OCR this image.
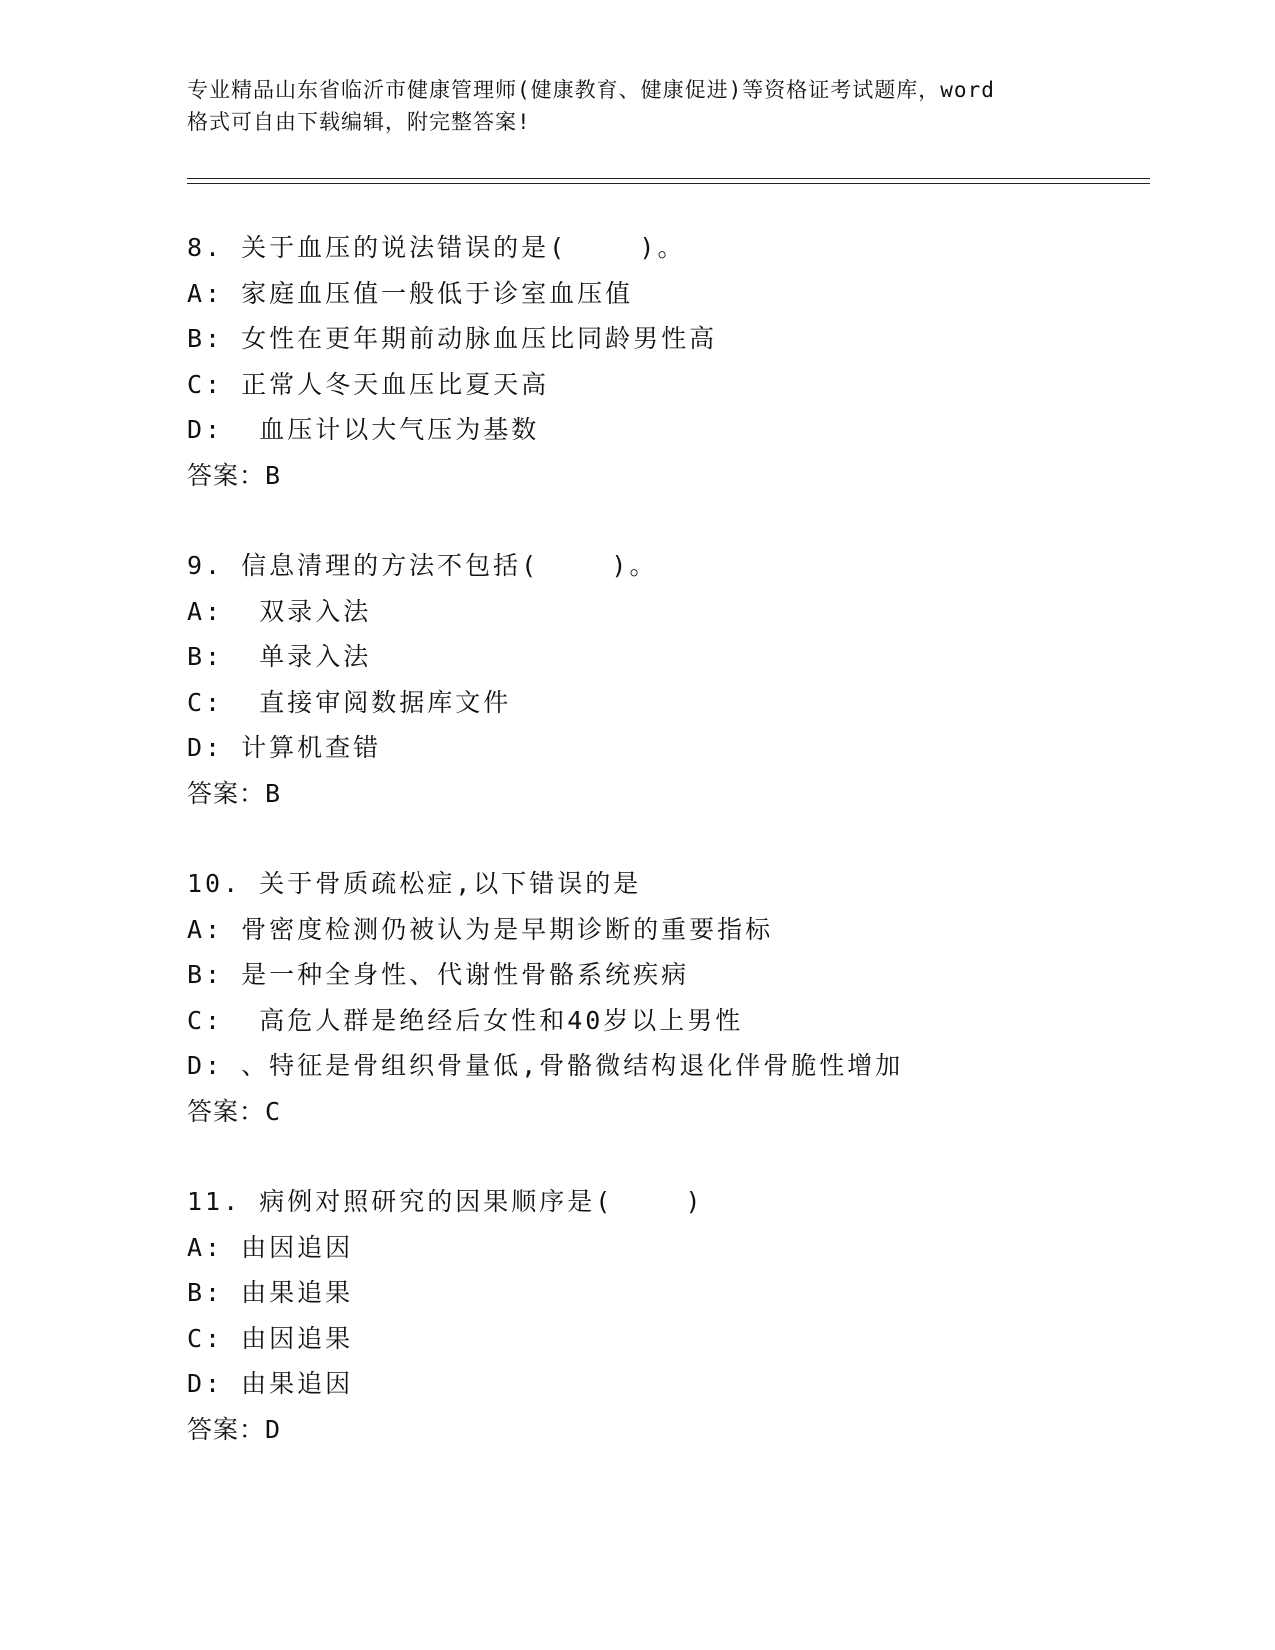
专业精品山东省临沂市健康管理师(健康教育、健康促进)等资格证考试题库，word
格式可自由下载编辑，附完整答案!
8. 关于血压的说法错误的是(    )。
A: 家庭血压值一般低于诊室血压值
B: 女性在更年期前动脉血压比同龄男性高
C: 正常人冬天血压比夏天高
D:  血压计以大气压为基数
答案：B
9. 信息清理的方法不包括(    )。
A:  双录入法
B:  单录入法
C:  直接审阅数据库文件
D: 计算机查错
答案：B
10. 关于骨质疏松症,以下错误的是
A: 骨密度检测仍被认为是早期诊断的重要指标
B: 是一种全身性、代谢性骨骼系统疾病
C:  高危人群是绝经后女性和40岁以上男性
D: 、特征是骨组织骨量低,骨骼微结构退化伴骨脆性增加
答案：C
11. 病例对照研究的因果顺序是(    )
A: 由因追因
B: 由果追果
C: 由因追果
D: 由果追因
答案：D
